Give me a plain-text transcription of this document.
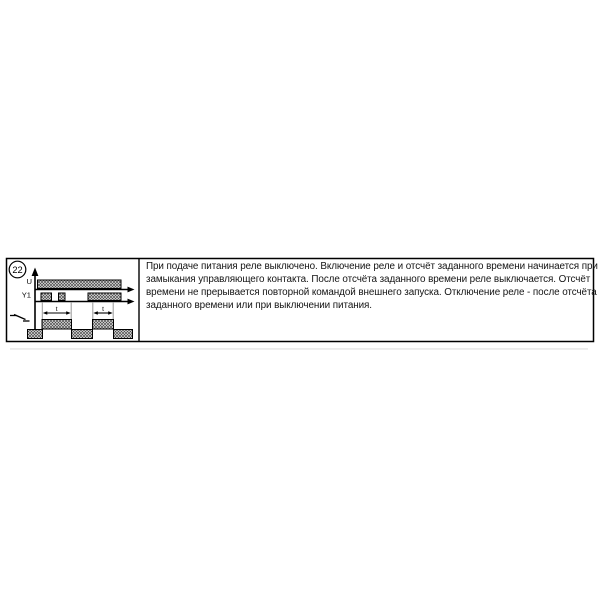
22
U
Y1
t	t
При подаче питания реле выключено. Включение реле и отсчёт заданного времени начинается при
замыкания управляющего контакта. После отсчёта заданного времени реле выключается. Отсчёт
времени не прерывается повторной командой внешнего запуска. Отключение реле - после отсчёта
заданного времени или при выключении питания.
